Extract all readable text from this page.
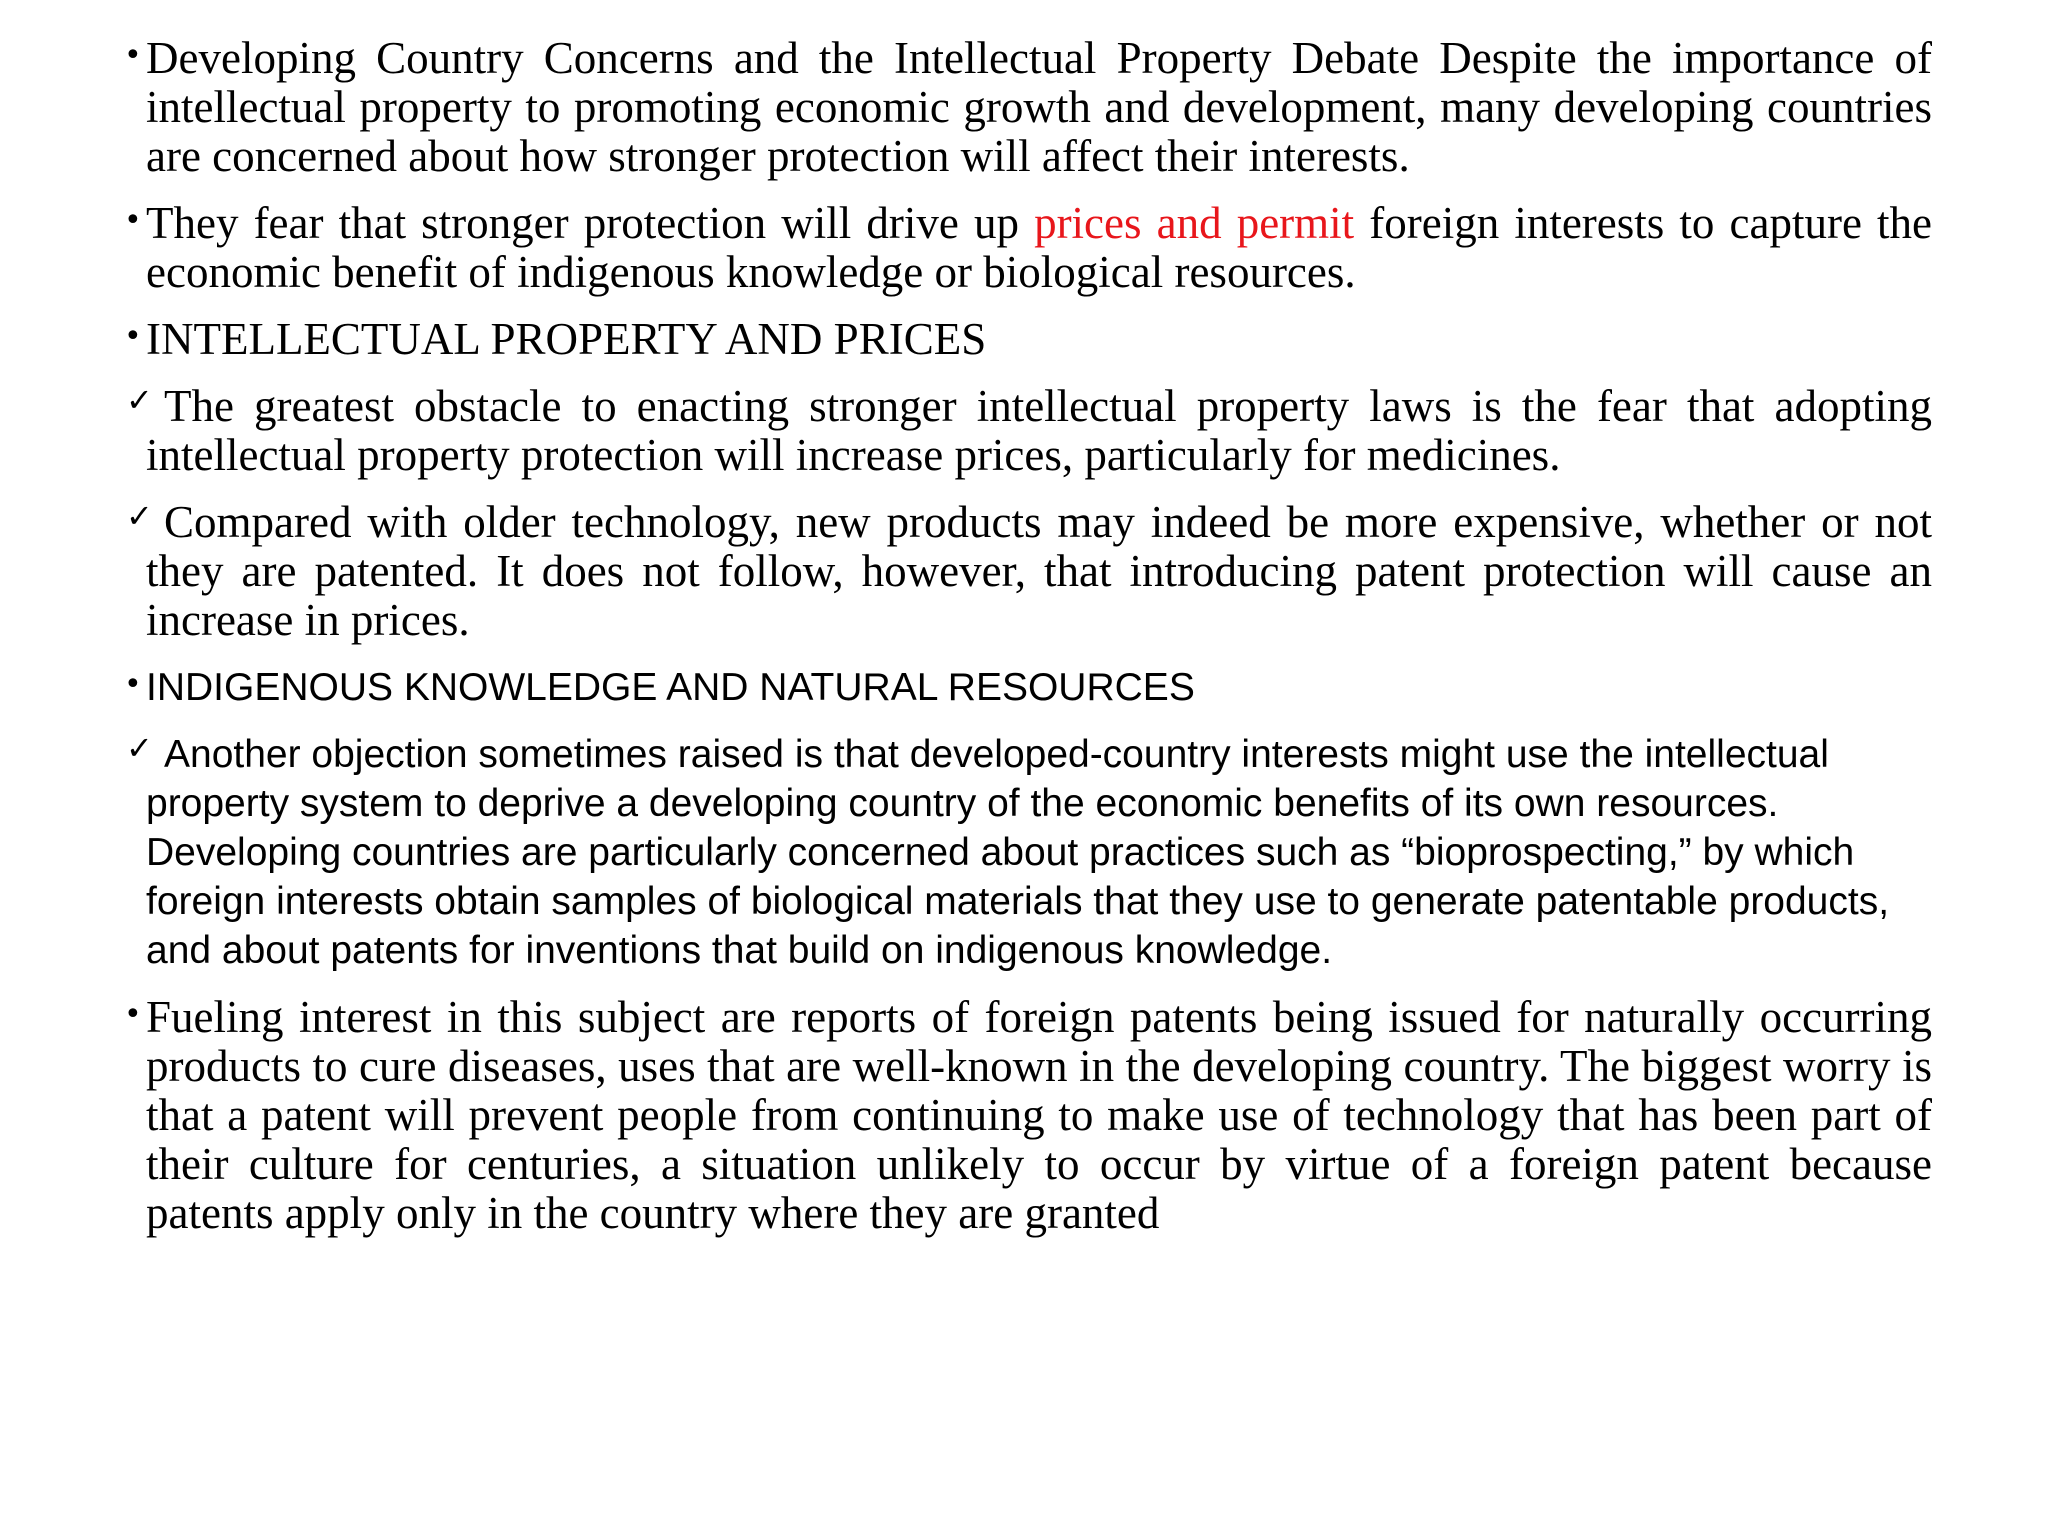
• Developing Country Concerns and the Intellectual Property Debate Despite the importance of intellectual property to promoting economic growth and development, many developing countries are concerned about how stronger protection will affect their interests.
• They fear that stronger protection will drive up prices and permit foreign interests to capture the economic benefit of indigenous knowledge or biological resources.
• INTELLECTUAL PROPERTY AND PRICES
✓ The greatest obstacle to enacting stronger intellectual property laws is the fear that adopting intellectual property protection will increase prices, particularly for medicines.
✓ Compared with older technology, new products may indeed be more expensive, whether or not they are patented. It does not follow, however, that introducing patent protection will cause an increase in prices.
• INDIGENOUS KNOWLEDGE AND NATURAL RESOURCES
✓ Another objection sometimes raised is that developed-country interests might use the intellectual property system to deprive a developing country of the economic benefits of its own resources. Developing countries are particularly concerned about practices such as “bioprospecting,” by which foreign interests obtain samples of biological materials that they use to generate patentable products, and about patents for inventions that build on indigenous knowledge.
• Fueling interest in this subject are reports of foreign patents being issued for naturally occurring products to cure diseases, uses that are well-known in the developing country. The biggest worry is that a patent will prevent people from continuing to make use of technology that has been part of their culture for centuries, a situation unlikely to occur by virtue of a foreign patent because patents apply only in the country where they are granted
